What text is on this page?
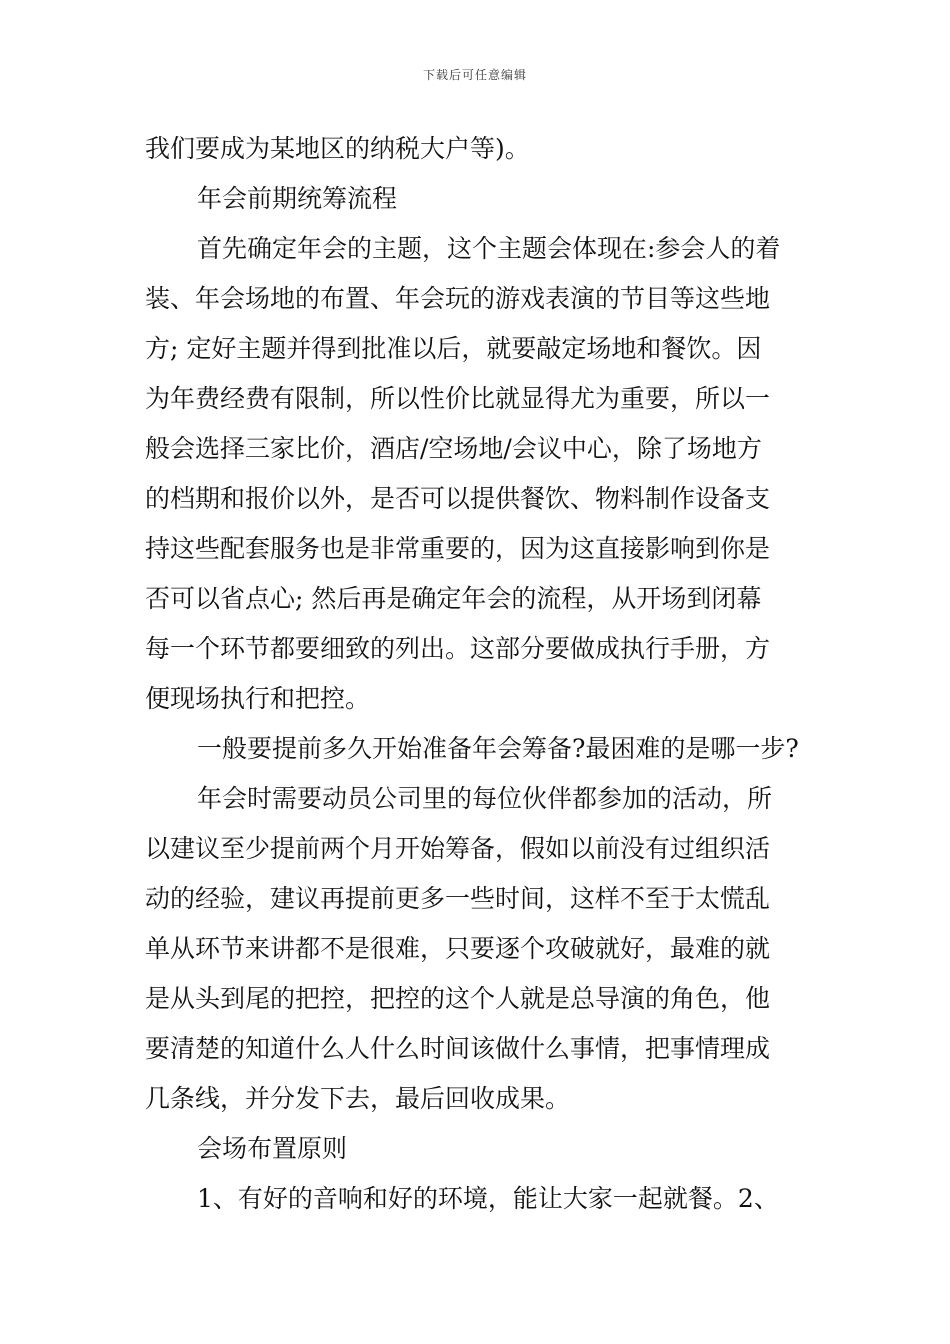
下载后可任意编辑
我们要成为某地区的纳税大户等)。
年会前期统筹流程
首先确定年会的主题，这个主题会体现在:参会人的着
装、年会场地的布置、年会玩的游戏表演的节目等这些地
方; 定好主题并得到批准以后，就要敲定场地和餐饮。因
为年费经费有限制，所以性价比就显得尤为重要，所以一
般会选择三家比价，酒店/空场地/会议中心，除了场地方
的档期和报价以外，是否可以提供餐饮、物料制作设备支
持这些配套服务也是非常重要的，因为这直接影响到你是
否可以省点心; 然后再是确定年会的流程，从开场到闭幕
每一个环节都要细致的列出。这部分要做成执行手册，方
便现场执行和把控。
一般要提前多久开始准备年会筹备?最困难的是哪一步?
年会时需要动员公司里的每位伙伴都参加的活动，所
以建议至少提前两个月开始筹备，假如以前没有过组织活
动的经验，建议再提前更多一些时间，这样不至于太慌乱
单从环节来讲都不是很难，只要逐个攻破就好，最难的就
是从头到尾的把控，把控的这个人就是总导演的角色，他
要清楚的知道什么人什么时间该做什么事情，把事情理成
几条线，并分发下去，最后回收成果。
会场布置原则
1、有好的音响和好的环境，能让大家一起就餐。2、
